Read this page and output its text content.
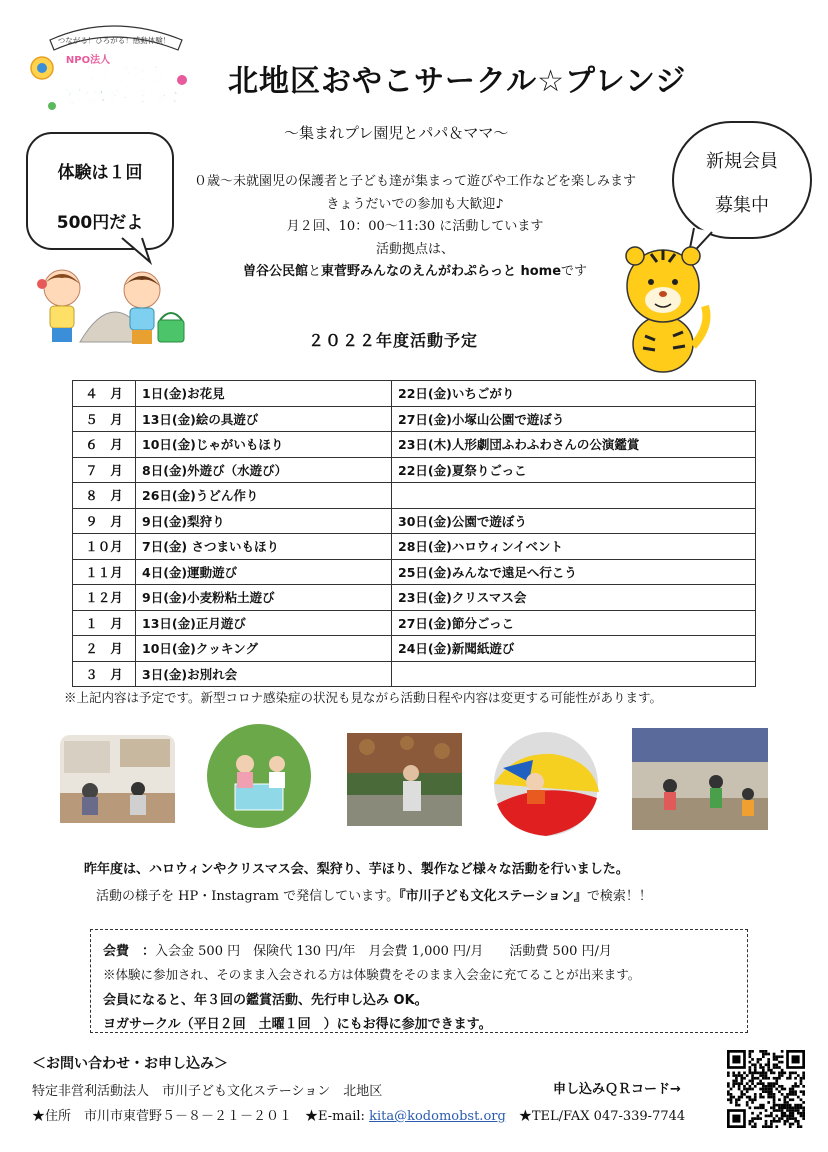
つながる！ひろがる！感動体験！
NPO法人
市川子ども
文化ステーション 北地区おやこサークル☆プレンジ
～集まれプレ園児とパパ＆ママ～
体験は１回
500円だよ
新規会員
募集中
０歳～未就園児の保護者と子ども達が集まって遊びや工作などを楽しみます
きょうだいでの参加も大歓迎♪
月２回、10：00～11:30 に活動しています
活動拠点は、
曽谷公民館と東菅野みんなのえんがわぷらっと homeです
２０２２年度活動予定
４　月	1日(金)お花見	22日(金)いちごがり
５　月	13日(金)絵の具遊び	27日(金)小塚山公園で遊ぼう
６　月	10日(金)じゃがいもほり	23日(木)人形劇団ふわふわさんの公演鑑賞
７　月	8日(金)外遊び（水遊び）	22日(金)夏祭りごっこ
８　月	26日(金)うどん作り	
９　月	9日(金)梨狩り	30日(金)公園で遊ぼう
１０月	7日(金) さつまいもほり	28日(金)ハロウィンイベント
１１月	4日(金)運動遊び	25日(金)みんなで遠足へ行こう
１２月	9日(金)小麦粉粘土遊び	23日(金)クリスマス会
１　月	13日(金)正月遊び	27日(金)節分ごっこ
２　月	10日(金)クッキング	24日(金)新聞紙遊び
３　月	3日(金)お別れ会	
※上記内容は予定です。新型コロナ感染症の状況も見ながら活動日程や内容は変更する可能性があります。
昨年度は、ハロウィンやクリスマス会、梨狩り、芋ほり、製作など様々な活動を行いました。
活動の様子を HP・Instagram で発信しています。『市川子ども文化ステーション』で検索！！
会費　：入会金 500 円　保険代 130 円/年　月会費 1,000 円/月　　活動費 500 円/月
※体験に参加され、そのまま入会される方は体験費をそのまま入会金に充てることが出来ます。
会員になると、年３回の鑑賞活動、先行申し込み OK。
ヨガサークル（平日２回　土曜１回　）にもお得に参加できます。
＜お問い合わせ・お申し込み＞
特定非営利活動法人　市川子ども文化ステーション　北地区	申し込みＱＲコード→
★住所　市川市東菅野５－８－２１－２０１　 ★E-mail: kita@kodomobst.org　 ★TEL/FAX 047-339-7744
